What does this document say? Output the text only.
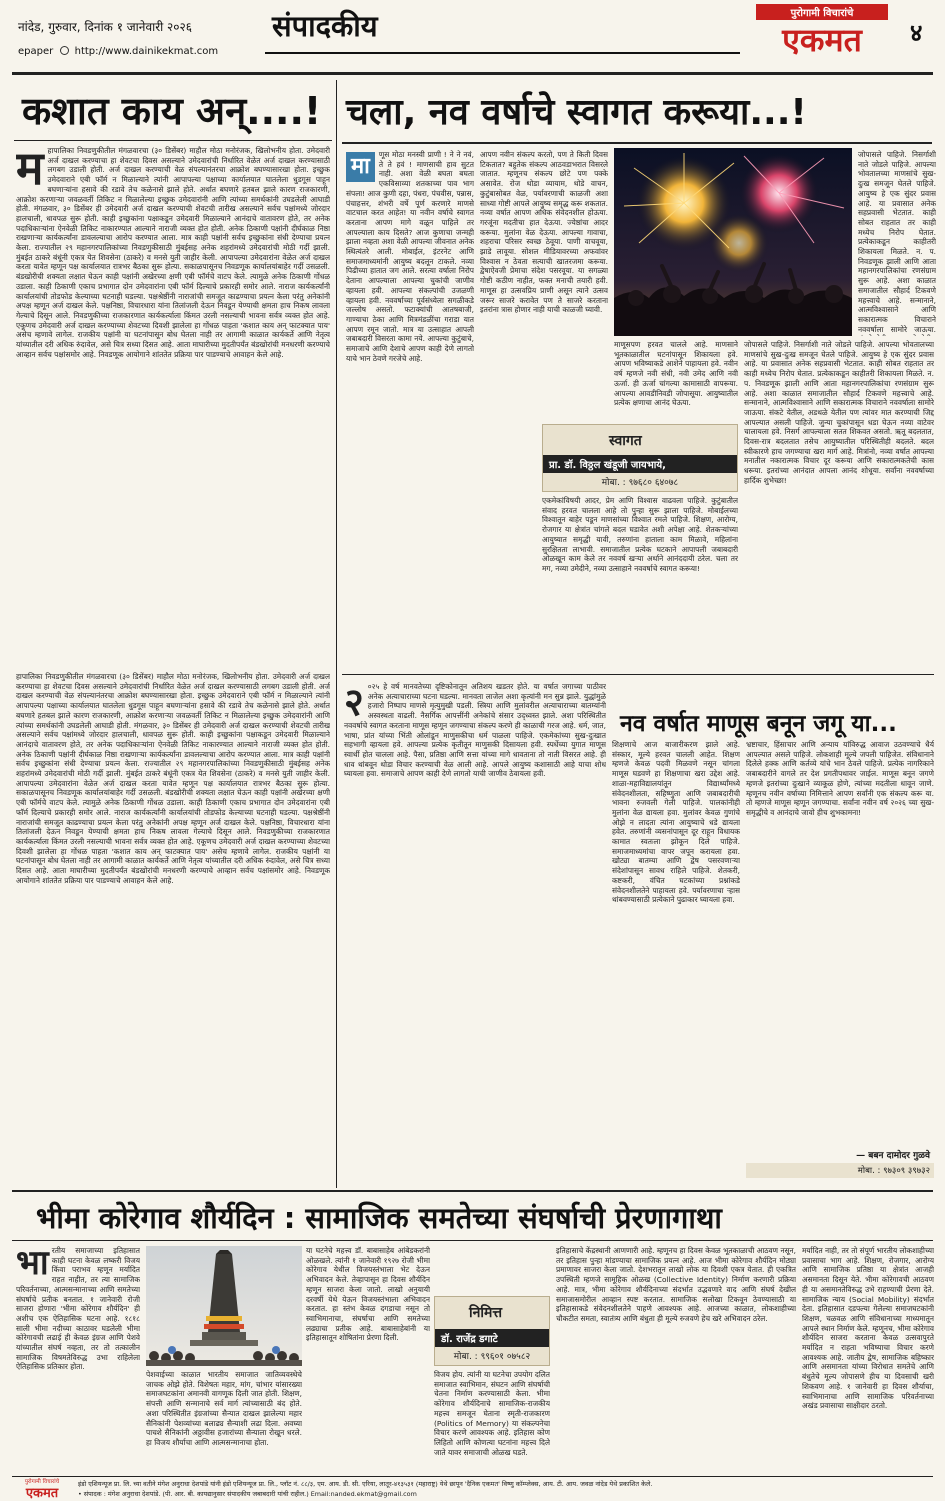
नांदेड, गुरुवार, दिनांक १ जानेवारी २०२६	संपादकीय
epaper http://www.dainikekmat.com
पुरोगामी विचारांचे
एकमत	४
कशात काय अन्‌....!
म हापालिका निवडणुकीतील मंगळवारचा (३० डिसेंबर) माहौल मोठा मनोरंजक, खिलोभनीय होता. उमेदवारी अर्ज दाखल करण्याचा हा शेवटचा दिवस असल्याने उमेदवारांची निर्धारित वेळेत अर्ज दाखल करण्यासाठी लगबग उडाली होती. अर्ज दाखल करण्याची वेळ संपल्यानंतरचा आक्रोश बघण्यासारखा होता. इच्छुक उमेदवाराने एबी फॉर्म न मिळाल्याने त्यांनी आपापल्या पक्षाच्या कार्यालयात घातलेला धुडगूस पाहून बघणाऱ्यांना हसावे की रडावे तेच कळेनासे झाले होते. अर्थात बघणारे हतबल झाले कारण राजकारणी, आक्रोश करणाऱ्या जवळवर्ती तिकिट न मिळालेल्या इच्छुक उमेदवारांनी आणि त्यांच्या समर्थकांनी उघडलेली आघाडी होती. मंगळवार, ३० डिसेंबर ही उमेदवारी अर्ज दाखल करण्याची शेवटची तारीख असल्याने सर्वच पक्षांमध्ये जोरदार हालचाली, धावपळ सुरू होती. काही इच्छुकांना पक्षाकडून उमेदवारी मिळाल्याने आनंदाचे वातावरण होते, तर अनेक पदाधिकाऱ्यांना ऐनवेळी तिकिट नाकारण्यात आल्याने नाराजी व्यक्त होत होती. अनेक ठिकाणी पक्षांनी दीर्घकाळ निष्ठा राखणाऱ्या कार्यकर्त्यांना डावलल्याचा आरोप करण्यात आला. मात्र काही पक्षांनी सर्वच इच्छुकांना संधी देण्याचा प्रयत्न केला. राज्यातील २९ महानगरपालिकांच्या निवडणुकीसाठी मुंबईसह अनेक शहरांमध्ये उमेदवारांची मोठी गर्दी झाली. मुंबईत ठाकरे बंधूंनी एकत्र येत शिवसेना (ठाकरे) व मनसे युती जाहीर केली. आपापल्या उमेदवारांना वेळेत अर्ज दाखल करता यावेत म्हणून पक्ष कार्यालयात रात्रभर बैठका सुरू होत्या. सकाळपासूनच निवडणूक कार्यालयांबाहेर गर्दी उसळली. बंडखोरीची शक्यता लक्षात घेऊन काही पक्षांनी अखेरच्या क्षणी एबी फॉर्मचे वाटप केले. त्यामुळे अनेक ठिकाणी गोंधळ उडाला. काही ठिकाणी एकाच प्रभागात दोन उमेदवारांना एबी फॉर्म दिल्याचे प्रकारही समोर आले. नाराज कार्यकर्त्यांनी कार्यालयांची तोडफोड केल्याच्या घटनाही घडल्या. पक्षश्रेष्ठींनी नाराजांची समजूत काढण्याचा प्रयत्न केला परंतु अनेकांनी अपक्ष म्हणून अर्ज दाखल केले. पक्षनिष्ठा, विचारधारा यांना तिलांजली देऊन निवडून येण्याची क्षमता हाच निकष लावला गेल्याचे दिसून आले. निवडणुकीच्या राजकारणात कार्यकर्त्याला किंमत उरली नसल्याची भावना सर्वत्र व्यक्त होत आहे. एकूणच उमेदवारी अर्ज दाखल करण्याच्या शेवटच्या दिवशी झालेला हा गोंधळ पाहता 'कशात काय अन्‌ फाटक्यात पाय' असेच म्हणावे लागेल. राजकीय पक्षांनी या घटनांपासून बोध घेतला नाही तर आगामी काळात कार्यकर्ते आणि नेतृत्व यांच्यातील दरी अधिक रुंदावेल, असे चित्र सध्या दिसत आहे. आता माघारीच्या मुदतीपर्यंत बंडखोरांची मनधरणी करण्याचे आव्हान सर्वच पक्षांसमोर आहे. निवडणूक आयोगाने शांततेत प्रक्रिया पार पाडण्याचे आवाहन केले आहे.
चला, नव वर्षाचे स्वागत करूया...!
मा	णूस मोठा मनस्वी प्राणी ! ने ने नवं, ते ते हवं ! माणसाची हाव सुटत नाही. अशा वेळी बघता बघता एकविसाव्या शतकाच्या पाव भाग संपला! आज कुणी दहा, पंधरा, पंचवीस, पन्नास, पंचाहत्तर, शंभरी वर्षे पूर्ण करणारे माणसे वाटचाल करत आहेत! या नवीन वर्षाचे स्वागत करताना आपण मागे वळून पाहिले तर आपल्याला काय दिसते? आज कुणाचा जन्मही झाला नव्हता अशा वेळी आपल्या जीवनात अनेक स्थित्यंतरे आली. मोबाईल, इंटरनेट आणि समाजमाध्यमांनी आयुष्य बदलून टाकले. नव्या पिढीच्या हातात जग आले. सरत्या वर्षाला निरोप देताना आपल्याला आपल्या चुकांची जाणीव व्हायला हवी. आपल्या संकल्पांची उजळणी व्हायला हवी. नववर्षाच्या पूर्वसंध्येला सगळीकडे जल्लोष असतो. फटाक्यांची आतषबाजी, गाण्याचा ठेका आणि मित्रमंडळींचा गराडा यात आपण रमून जातो. मात्र या उत्साहात आपली जबाबदारी विसरता कामा नये. आपल्या कुटुंबाचे, समाजाचे आणि देशाचे आपण काही देणे लागतो याचे भान ठेवणे गरजेचे आहे.
आपण नवीन संकल्प करतो, पण ते किती दिवस टिकतात? बहुतेक संकल्प आठवडाभरात विसरले जातात. म्हणूनच संकल्प छोटे पण पक्के असावेत. रोज थोडा व्यायाम, थोडे वाचन, कुटुंबासोबत वेळ, पर्यावरणाची काळजी अशा साध्या गोष्टी आपले आयुष्य समृद्ध करू शकतात. नव्या वर्षात आपण अधिक संवेदनशील होऊया. गरजूंना मदतीचा हात देऊया. ज्येष्ठांचा आदर करूया. मुलांना वेळ देऊया. आपल्या गावाचा, शहराचा परिसर स्वच्छ ठेवूया. पाणी वाचवूया, झाडे लावूया. सोशल मीडियावरच्या अफवांवर विश्वास न ठेवता सत्याची खातरजमा करूया. द्वेषाऐवजी प्रेमाचा संदेश पसरवूया. या सगळ्या गोष्टी कठीण नाहीत, फक्त मनाची तयारी हवी. माणूस हा उत्सवप्रिय प्राणी असून त्याने उत्सव जरूर साजरे करावेत पण ते साजरे करताना इतरांना त्रास होणार नाही याची काळजी घ्यावी.
जोपासले पाहिजे. निसर्गाशी नाते जोडले पाहिजे. आपल्या भोवतालच्या माणसांचे सुख-दुःख समजून घेतले पाहिजे. आयुष्य हे एक सुंदर प्रवास आहे. या प्रवासात अनेक सहप्रवासी भेटतात. काही सोबत राहतात तर काही मध्येच निरोप घेतात. प्रत्येकाकडून काहीतरी शिकायला मिळते. न. प. निवडणूक झाली आणि आता महानगरपालिकांचा रणसंग्राम सुरू आहे. अशा काळात समाजातील सौहार्द टिकवणे महत्त्वाचे आहे. सन्मानाने, आत्मविश्वासाने आणि सकारात्मक विचाराने नववर्षाला सामोरे जाऊया.
जोपासले पाहिजे. निसर्गाशी नाते जोडले पाहिजे. आपल्या भोवतालच्या माणसांचे सुख-दुःख समजून घेतले पाहिजे. आयुष्य हे एक सुंदर प्रवास आहे. या प्रवासात अनेक सहप्रवासी भेटतात. काही सोबत राहतात तर काही मध्येच निरोप घेतात. प्रत्येकाकडून काहीतरी शिकायला मिळते. न. प. निवडणूक झाली आणि आता महानगरपालिकांचा रणसंग्राम सुरू आहे. अशा काळात समाजातील सौहार्द टिकवणे महत्त्वाचे आहे. सन्मानाने, आत्मविश्वासाने आणि सकारात्मक विचाराने नववर्षाला सामोरे जाऊया. संकटे येतील, अडथळे येतील पण त्यांवर मात करण्याची जिद्द आपल्यात असली पाहिजे. जुन्या चुकांपासून धडा घेऊन नव्या वाटेवर चालायला हवे. निसर्ग आपल्याला सतत शिकवत असतो. ऋतू बदलतात, दिवस-रात्र बदलतात तसेच आयुष्यातील परिस्थितीही बदलते. बदल स्वीकारणे हाच जगण्याचा खरा मार्ग आहे. मित्रांनो, नव्या वर्षात आपल्या मनातील नकारात्मक विचार दूर करूया आणि सकारात्मकतेची कास धरूया. इतरांच्या आनंदात आपला आनंद शोधूया. सर्वांना नववर्षाच्या हार्दिक शुभेच्छा!
माणूसपण हरवत चालले आहे. माणसाने भूतकाळातील घटनांपासून शिकायला हवे. आपण भविष्याकडे आशेने पाहायला हवे. नवीन वर्ष म्हणजे नवी संधी, नवी उमेद आणि नवी ऊर्जा. ही ऊर्जा चांगल्या कामासाठी वापरूया. आपल्या आवडीनिवडी जोपासूया. आयुष्यातील प्रत्येक क्षणाचा आनंद घेऊया.
स्वागत
प्रा. डॉ. विठ्ठल खंडूजी जायभाये,
मोबा. : ९७६८० ६४०७८
एकमेकांविषयी आदर, प्रेम आणि विश्वास वाढवला पाहिजे. कुटुंबातील संवाद हरवत चालला आहे तो पुन्हा सुरू झाला पाहिजे. मोबाईलच्या विश्वातून बाहेर पडून माणसांच्या विश्वात रमले पाहिजे. शिक्षण, आरोग्य, रोजगार या क्षेत्रांत चांगले बदल घडावेत अशी अपेक्षा आहे. शेतकऱ्यांच्या आयुष्यात समृद्धी यावी, तरुणांना हाताला काम मिळावे, महिलांना सुरक्षितता लाभावी. समाजातील प्रत्येक घटकाने आपापली जबाबदारी ओळखून काम केले तर नववर्ष खऱ्या अर्थाने आनंददायी ठरेल. चला तर मग, नव्या उमेदीने, नव्या उत्साहाने नववर्षाचे स्वागत करूया!
नव वर्षात माणूस बनून जगू या...
२ ०२५ हे वर्ष मानवतेच्या दृष्टिकोनातून अतिशय खडतर होते. या वर्षात जगाच्या पाठीवर अनेक अत्याचाराच्या घटना घडल्या. मानवता लाजेल अशा कृत्यांनी मन सुन्न झाले. युद्धांमुळे हजारो निष्पाप माणसे मृत्युमुखी पडली. स्त्रिया आणि मुलांवरील अत्याचाराच्या बातम्यांनी अस्वस्थता वाढली. नैसर्गिक आपत्तींनी अनेकांचे संसार उद्ध्वस्त झाले. अशा परिस्थितीत नववर्षाचे स्वागत करताना माणूस म्हणून जगण्याचा संकल्प करणे ही काळाची गरज आहे. धर्म, जात, भाषा, प्रांत यांच्या भिंती ओलांडून माणुसकीचा धर्म पाळला पाहिजे. एकमेकांच्या सुख-दुःखात सहभागी व्हायला हवे. आपल्या प्रत्येक कृतीतून माणुसकी दिसायला हवी. स्पर्धेच्या युगात माणूस स्वार्थी होत चालला आहे. पैसा, प्रतिष्ठा आणि सत्ता यांच्या मागे धावताना तो नाती विसरत आहे. ही धाव थांबवून थोडा विचार करण्याची वेळ आली आहे. आपले आयुष्य कशासाठी आहे याचा शोध घ्यायला हवा. समाजाचे आपण काही देणे लागतो याची जाणीव ठेवायला हवी.
शिक्षणाचे आज बाजारीकरण झाले आहे. संस्कार, मूल्ये हरवत चालली आहेत. शिक्षण म्हणजे केवळ पदवी मिळवणे नसून चांगला माणूस घडवणे हा शिक्षणाचा खरा उद्देश आहे. शाळा-महाविद्यालयांतून विद्यार्थ्यांमध्ये संवेदनशीलता, सहिष्णुता आणि जबाबदारीची भावना रुजवली गेली पाहिजे. पालकांनीही मुलांना वेळ द्यायला हवा. मुलांवर केवळ गुणांचे ओझे न लादता त्यांना आयुष्याचे धडे द्यायला हवेत. तरुणांनी व्यसनांपासून दूर राहून विधायक कामात स्वतःला झोकून दिले पाहिजे. समाजमाध्यमांचा वापर जपून करायला हवा. खोट्या बातम्या आणि द्वेष पसरवणाऱ्या संदेशांपासून सावध राहिले पाहिजे. शेतकरी, कष्टकरी, वंचित घटकांच्या प्रश्नांकडे संवेदनशीलतेने पाहायला हवे. पर्यावरणाचा ऱ्हास थांबवण्यासाठी प्रत्येकाने पुढाकार घ्यायला हवा.
भ्रष्टाचार, हिंसाचार आणि अन्याय यांविरुद्ध आवाज उठवण्याचे धैर्य आपल्यात असले पाहिजे. लोकशाही मूल्ये जपली पाहिजेत. संविधानाने दिलेले हक्क आणि कर्तव्ये यांचे भान ठेवले पाहिजे. प्रत्येक नागरिकाने जबाबदारीने वागले तर देश प्रगतीपथावर जाईल. माणूस बनून जगणे म्हणजे इतरांच्या दुःखाने व्याकूळ होणे, त्यांच्या मदतीला धावून जाणे. म्हणूनच नवीन वर्षाच्या निमित्ताने आपण सर्वांनी एक संकल्प करू या. तो म्हणजे माणूस म्हणून जगण्याचा. सर्वांना नवीन वर्ष २०२६ च्या सुख-समृद्धीचे व आनंदाचे जावो हीच शुभकामना!
— बबन दामोदर गुळवे
मोबा. : ९७३०९ ३९७३२
हापालिका निवडणुकीतील मंगळवारचा (३० डिसेंबर) माहौल मोठा मनोरंजक, खिलोभनीय होता. उमेदवारी अर्ज दाखल करण्याचा हा शेवटचा दिवस असल्याने उमेदवारांची निर्धारित वेळेत अर्ज दाखल करण्यासाठी लगबग उडाली होती. अर्ज दाखल करण्याची वेळ संपल्यानंतरचा आक्रोश बघण्यासारखा होता. इच्छुक उमेदवाराने एबी फॉर्म न मिळाल्याने त्यांनी आपापल्या पक्षाच्या कार्यालयात घातलेला धुडगूस पाहून बघणाऱ्यांना हसावे की रडावे तेच कळेनासे झाले होते. अर्थात बघणारे हतबल झाले कारण राजकारणी, आक्रोश करणाऱ्या जवळवर्ती तिकिट न मिळालेल्या इच्छुक उमेदवारांनी आणि त्यांच्या समर्थकांनी उघडलेली आघाडी होती. मंगळवार, ३० डिसेंबर ही उमेदवारी अर्ज दाखल करण्याची शेवटची तारीख असल्याने सर्वच पक्षांमध्ये जोरदार हालचाली, धावपळ सुरू होती. काही इच्छुकांना पक्षाकडून उमेदवारी मिळाल्याने आनंदाचे वातावरण होते, तर अनेक पदाधिकाऱ्यांना ऐनवेळी तिकिट नाकारण्यात आल्याने नाराजी व्यक्त होत होती. अनेक ठिकाणी पक्षांनी दीर्घकाळ निष्ठा राखणाऱ्या कार्यकर्त्यांना डावलल्याचा आरोप करण्यात आला. मात्र काही पक्षांनी सर्वच इच्छुकांना संधी देण्याचा प्रयत्न केला. राज्यातील २९ महानगरपालिकांच्या निवडणुकीसाठी मुंबईसह अनेक शहरांमध्ये उमेदवारांची मोठी गर्दी झाली. मुंबईत ठाकरे बंधूंनी एकत्र येत शिवसेना (ठाकरे) व मनसे युती जाहीर केली. आपापल्या उमेदवारांना वेळेत अर्ज दाखल करता यावेत म्हणून पक्ष कार्यालयात रात्रभर बैठका सुरू होत्या. सकाळपासूनच निवडणूक कार्यालयांबाहेर गर्दी उसळली. बंडखोरीची शक्यता लक्षात घेऊन काही पक्षांनी अखेरच्या क्षणी एबी फॉर्मचे वाटप केले. त्यामुळे अनेक ठिकाणी गोंधळ उडाला. काही ठिकाणी एकाच प्रभागात दोन उमेदवारांना एबी फॉर्म दिल्याचे प्रकारही समोर आले. नाराज कार्यकर्त्यांनी कार्यालयांची तोडफोड केल्याच्या घटनाही घडल्या. पक्षश्रेष्ठींनी नाराजांची समजूत काढण्याचा प्रयत्न केला परंतु अनेकांनी अपक्ष म्हणून अर्ज दाखल केले. पक्षनिष्ठा, विचारधारा यांना तिलांजली देऊन निवडून येण्याची क्षमता हाच निकष लावला गेल्याचे दिसून आले. निवडणुकीच्या राजकारणात कार्यकर्त्याला किंमत उरली नसल्याची भावना सर्वत्र व्यक्त होत आहे. एकूणच उमेदवारी अर्ज दाखल करण्याच्या शेवटच्या दिवशी झालेला हा गोंधळ पाहता 'कशात काय अन्‌ फाटक्यात पाय' असेच म्हणावे लागेल. राजकीय पक्षांनी या घटनांपासून बोध घेतला नाही तर आगामी काळात कार्यकर्ते आणि नेतृत्व यांच्यातील दरी अधिक रुंदावेल, असे चित्र सध्या दिसत आहे. आता माघारीच्या मुदतीपर्यंत बंडखोरांची मनधरणी करण्याचे आव्हान सर्वच पक्षांसमोर आहे. निवडणूक आयोगाने शांततेत प्रक्रिया पार पाडण्याचे आवाहन केले आहे.
भीमा कोरेगाव शौर्यदिन : सामाजिक समतेच्या संघर्षाची प्रेरणागाथा
भा रतीय समाजाच्या इतिहासात काही घटना केवळ लष्करी विजय किंवा पराभव म्हणून मर्यादित राहत नाहीत, तर त्या सामाजिक परिवर्तनाच्या, आत्मसन्मानाच्या आणि समतेच्या संघर्षाचे प्रतीक बनतात. १ जानेवारी रोजी साजरा होणारा 'भीमा कोरेगाव शौर्यदिन' ही अशीच एक ऐतिहासिक घटना आहे. १८१८ साली भीमा नदीच्या काठावर घडलेली भीमा कोरेगावची लढाई ही केवळ इंग्रज आणि पेशवे यांच्यातील संघर्ष नव्हता, तर तो तत्कालीन सामाजिक विषमतेविरुद्ध उभा राहिलेला ऐतिहासिक प्रतिकार होता.
पेशवाईच्या काळात भारतीय समाजात जातिव्यवस्थेचे जाचक ओझे होते. विशेषतः महार, मांग, चांभार यांसारख्या समाजघटकांना अमानवी वागणूक दिली जात होती. शिक्षण, संपत्ती आणि सन्मानाचे सर्व मार्ग त्यांच्यासाठी बंद होते. अशा परिस्थितीत इंग्रजांच्या सैन्यात दाखल झालेल्या महार सैनिकांनी पेशव्यांच्या बलाढ्य सैन्याशी लढा दिला. अवघ्या पाचशे सैनिकांनी अठ्ठावीस हजारांच्या सैन्याला रोखून धरले. हा विजय शौर्याचा आणि आत्मसन्मानाचा होता.
या घटनेचे महत्त्व डॉ. बाबासाहेब आंबेडकरांनी ओळखले. त्यांनी १ जानेवारी १९२७ रोजी भीमा कोरेगाव येथील विजयस्तंभाला भेट देऊन अभिवादन केले. तेव्हापासून हा दिवस शौर्यदिन म्हणून साजरा केला जातो. लाखो अनुयायी दरवर्षी येथे येऊन विजयस्तंभाला अभिवादन करतात. हा स्तंभ केवळ दगडाचा नसून तो स्वाभिमानाचा, संघर्षाचा आणि समतेच्या लढ्याचा प्रतीक आहे. बाबासाहेबांनी या इतिहासातून शोषितांना प्रेरणा दिली.
निमित्त
डॉ. राजेंद्र डगाटे
मोबा. : ९९६०१ ०७५८२
विजय होय. त्यांनी या घटनेचा उपयोग दलित समाजात स्वाभिमान, संघटन आणि संघर्षाची चेतना निर्माण करण्यासाठी केला. भीमा कोरेगाव शौर्यदिनाचे सामाजिक-राजकीय महत्त्व समजून घेताना स्मृती-राजकारण (Politics of Memory) या संकल्पनेचा विचार करणे आवश्यक आहे. इतिहास कोण लिहितो आणि कोणत्या घटनांना महत्त्व दिले जाते यावर समाजाची ओळख घडते.
इतिहासाचे केंद्रस्थानी आणणारी आहे. म्हणूनच हा दिवस केवळ भूतकाळाची आठवण नसून, तर इतिहास पुन्हा मांडण्याचा सामाजिक प्रयत्न आहे. आज भीमा कोरेगाव शौर्यदिन मोठ्या प्रमाणावर साजरा केला जातो. देशभरातून लाखो लोक या दिवशी एकत्र येतात. ही एकत्रित उपस्थिती म्हणजे सामूहिक ओळख (Collective Identity) निर्माण करणारी प्रक्रिया आहे. मात्र, भीमा कोरेगाव शौर्यदिनाच्या संदर्भात उद्भवणारे वाद आणि संघर्ष देखील समाजासमोरील आव्हान स्पष्ट करतात. सामाजिक सलोखा टिकवून ठेवण्यासाठी या इतिहासाकडे संवेदनशीलतेने पाहणे आवश्यक आहे. आजच्या काळात, लोकशाहीच्या चौकटीत समता, स्वातंत्र्य आणि बंधुता ही मूल्ये रुजवणे हेच खरे अभिवादन ठरेल.
मर्यादित नाही, तर तो संपूर्ण भारतीय लोकशाहीच्या प्रवासाचा भाग आहे. शिक्षण, रोजगार, आरोग्य आणि सामाजिक प्रतिष्ठा या क्षेत्रांत आजही असमानता दिसून येते. भीमा कोरेगावची आठवण ही या असमानतेविरुद्ध उभे राहण्याची प्रेरणा देते. सामाजिक न्याय (Social Mobility) संदर्भात देता. इतिहासात दडपल्या गेलेल्या समाजघटकांनी शिक्षण, चळवळ आणि संविधानाच्या माध्यमातून आपले स्थान निर्माण केले. म्हणूनच, भीमा कोरेगाव शौर्यदिन साजरा करताना केवळ उत्सवापुरते मर्यादित न राहता भविष्याचा विचार करणे आवश्यक आहे. जातीय द्वेष, सामाजिक बहिष्कार आणि असमानता यांच्या विरोधात समतेचे आणि बंधुतेचे मूल्य जोपासणे हीच या दिवसाची खरी शिकवण आहे. १ जानेवारी हा दिवस शौर्याचा, स्वाभिमानाचा आणि सामाजिक परिवर्तनाच्या अखंड प्रवासाचा साक्षीदार ठरतो.
पुरोगामी विचारांचे
एकमत
इंडो एशियन्यूज प्रा. लि. च्या वतीने मंगेश अनुराधा देशपांडे यांनी इंडो एशियन्यूज प्रा. लि., प्लॉट नं. ८८/३, एम. आय. डी. सी. एरिया, लातूर-४१३५३१ (महाराष्ट्र) येथे छापून 'दैनिक एकमत' विष्णु कॉम्प्लेक्स, आय. टी. आय. जवळ नांदेड येथे प्रकाशित केले.
• संपादक : मंगेश अनुराधा देशपांडे. (पी. आर. बी. कायद्यानुसार संपादकीय जबाबदारी यांची राहील.) Email:nanded.ekmat@gmail.com
